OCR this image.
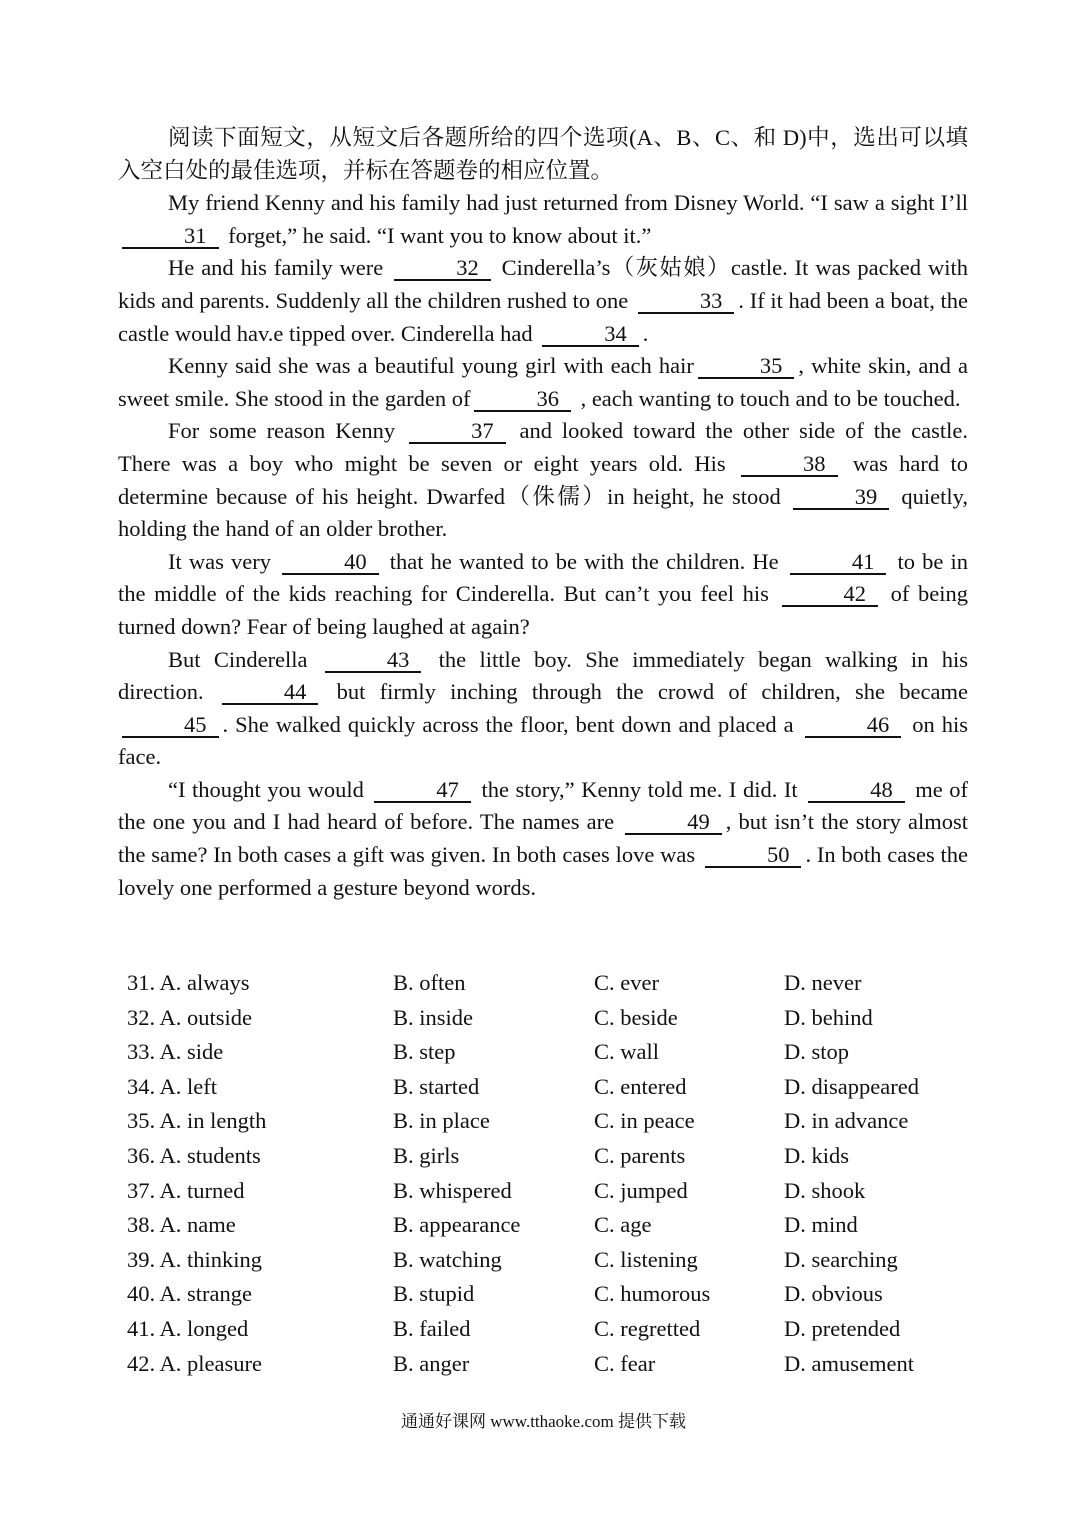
阅读下面短文，从短文后各题所给的四个选项(A、B、C、和 D)中，选出可以填入空白处的最佳选项，并标在答题卷的相应位置。

My friend Kenny and his family had just returned from Disney World. “I saw a sight I’ll 31 forget,” he said. “I want you to know about it.”

He and his family were	32 Cinderella’s（灰姑娘）castle. It was packed with kids and parents. Suddenly all the children rushed to one	33 . If it had been a boat, the castle would hav.e tipped over. Cinderella had	34 .

Kenny said she was a beautiful young girl with each hair	35 , white skin, and a sweet smile. She stood in the garden of	36 , each wanting to touch and to be touched.

For some reason Kenny	37 and looked toward the other side of the castle. There was a boy who might be seven or eight years old. His	38 was hard to determine because of his height. Dwarfed（侏儒）in height, he stood	39 quietly, holding the hand of an older brother.

It was very	40 that he wanted to be with the children. He	41 to be in the middle of the kids reaching for Cinderella. But can’t you feel his	42 of being turned down? Fear of being laughed at again?

But Cinderella	43 the little boy. She immediately began walking in his direction.	44 but firmly inching through the crowd of children, she became 45 . She walked quickly across the floor, bent down and placed a	46 on his face.

“I thought you would	47 the story,” Kenny told me. I did. It	48 me of the one you and I had heard of before. The names are	49 , but isn’t the story almost the same? In both cases a gift was given. In both cases love was	50 . In both cases the lovely one performed a gesture beyond words.

31. A. always	B. often	C. ever	D. never
32. A. outside	B. inside	C. beside	D. behind
33. A. side	B. step	C. wall	D. stop
34. A. left	B. started	C. entered	D. disappeared
35. A. in length	B. in place	C. in peace	D. in advance
36. A. students	B. girls	C. parents	D. kids
37. A. turned	B. whispered	C. jumped	D. shook
38. A. name	B. appearance	C. age	D. mind
39. A. thinking	B. watching	C. listening	D. searching
40. A. strange	B. stupid	C. humorous	D. obvious
41. A. longed	B. failed	C. regretted	D. pretended
42. A. pleasure	B. anger	C. fear	D. amusement
通通好课网 www.tthaoke.com 提供下载
